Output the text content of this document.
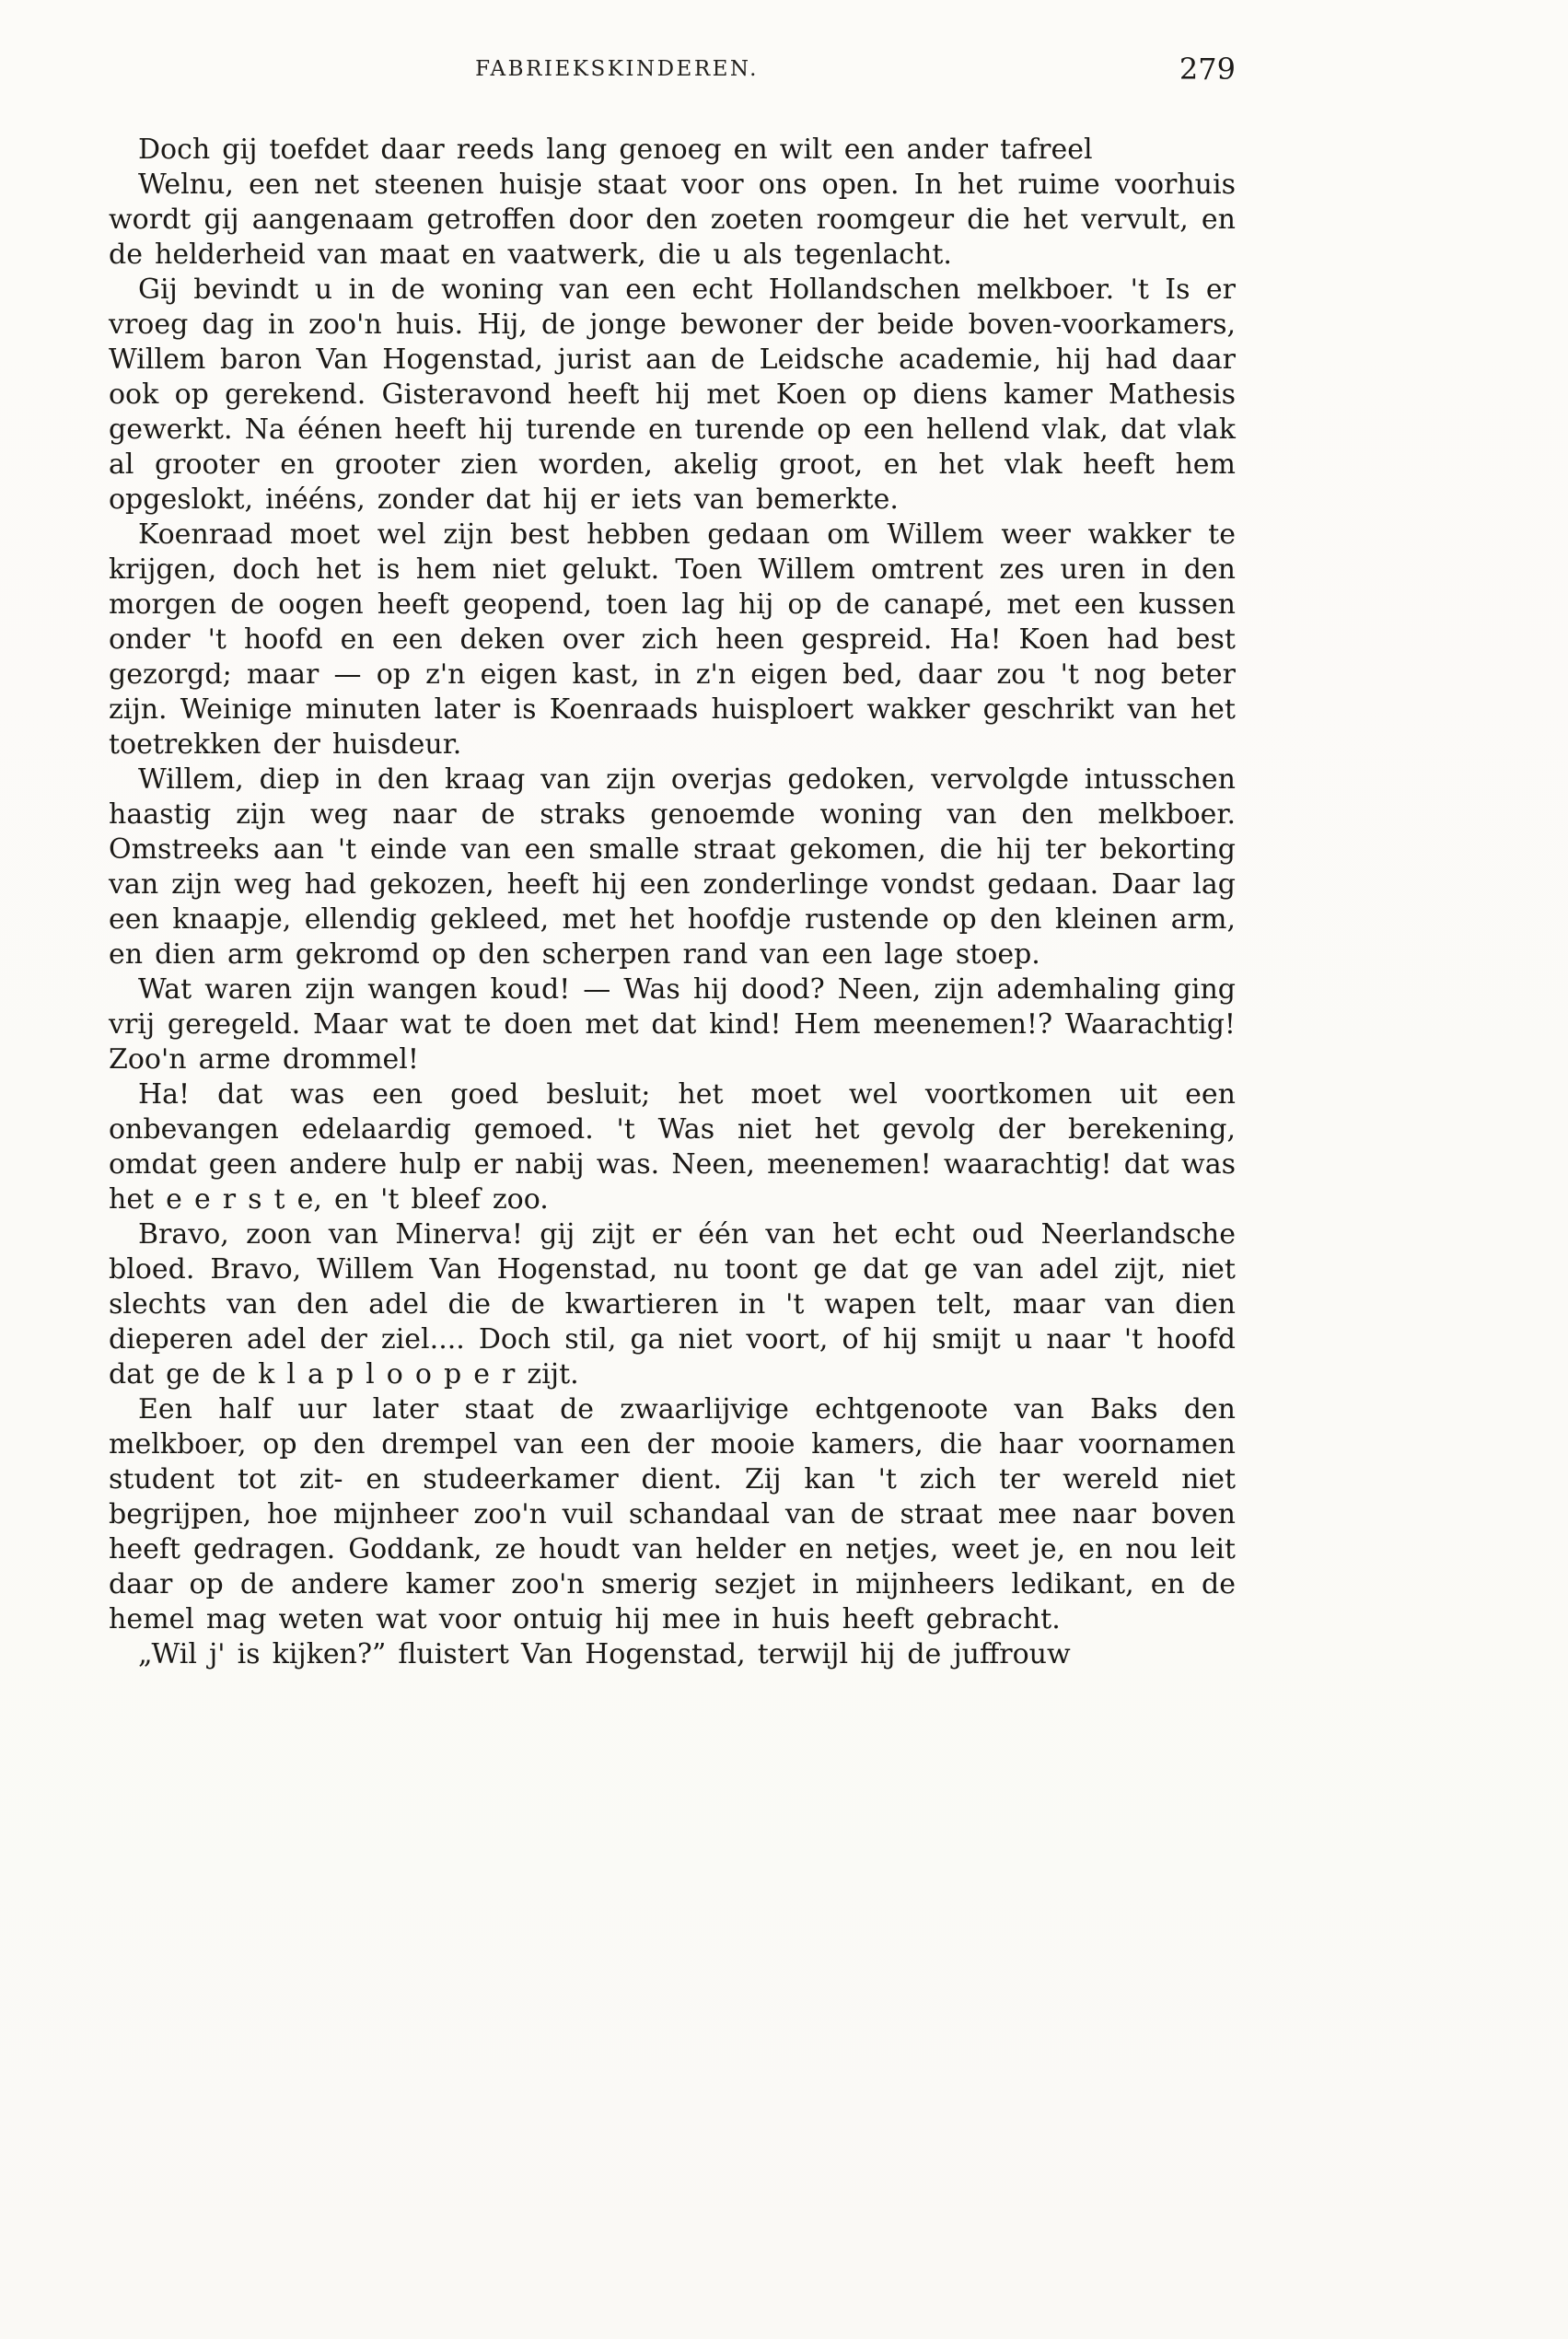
FABRIEKSKINDEREN.	279

Doch gij toefdet daar reeds lang genoeg en wilt een ander tafreel

Welnu, een net steenen huisje staat voor ons open. In het ruime voorhuis wordt gij aangenaam getroffen door den zoeten roomgeur die het vervult, en de helderheid van maat en vaatwerk, die u als tegenlacht.

Gij bevindt u in de woning van een echt Hollandschen melkboer. 't Is er vroeg dag in zoo'n huis. Hij, de jonge bewoner der beide boven-voorkamers, Willem baron Van Hogenstad, jurist aan de Leidsche academie, hij had daar ook op gerekend. Gisteravond heeft hij met Koen op diens kamer Mathesis gewerkt. Na éénen heeft hij turende en turende op een hellend vlak, dat vlak al grooter en grooter zien worden, akelig groot, en het vlak heeft hem opgeslokt, inééns, zonder dat hij er iets van bemerkte.

Koenraad moet wel zijn best hebben gedaan om Willem weer wakker te krijgen, doch het is hem niet gelukt. Toen Willem omtrent zes uren in den morgen de oogen heeft geopend, toen lag hij op de canapé, met een kussen onder 't hoofd en een deken over zich heen gespreid. Ha! Koen had best gezorgd; maar — op z'n eigen kast, in z'n eigen bed, daar zou 't nog beter zijn. Weinige minuten later is Koenraads huisploert wakker geschrikt van het toetrekken der huisdeur.

Willem, diep in den kraag van zijn overjas gedoken, vervolgde intusschen haastig zijn weg naar de straks genoemde woning van den melkboer. Omstreeks aan 't einde van een smalle straat gekomen, die hij ter bekorting van zijn weg had gekozen, heeft hij een zonderlinge vondst gedaan. Daar lag een knaapje, ellendig gekleed, met het hoofdje rustende op den kleinen arm, en dien arm gekromd op den scherpen rand van een lage stoep.

Wat waren zijn wangen koud! — Was hij dood? Neen, zijn ademhaling ging vrij geregeld. Maar wat te doen met dat kind! Hem meenemen!? Waarachtig! Zoo'n arme drommel!

Ha! dat was een goed besluit; het moet wel voortkomen uit een onbevangen edelaardig gemoed. 't Was niet het gevolg der berekening, omdat geen andere hulp er nabij was. Neen, meenemen! waarachtig! dat was het e e r s t e, en 't bleef zoo.

Bravo, zoon van Minerva! gij zijt er één van het echt oud Neerlandsche bloed. Bravo, Willem Van Hogenstad, nu toont ge dat ge van adel zijt, niet slechts van den adel die de kwartieren in 't wapen telt, maar van dien dieperen adel der ziel.... Doch stil, ga niet voort, of hij smijt u naar 't hoofd dat ge de k l a p l o o p e r zijt.

Een half uur later staat de zwaarlijvige echtgenoote van Baks den melkboer, op den drempel van een der mooie kamers, die haar voornamen student tot zit- en studeerkamer dient. Zij kan 't zich ter wereld niet begrijpen, hoe mijnheer zoo'n vuil schandaal van de straat mee naar boven heeft gedragen. Goddank, ze houdt van helder en netjes, weet je, en nou leit daar op de andere kamer zoo'n smerig sezjet in mijnheers ledikant, en de hemel mag weten wat voor ontuig hij mee in huis heeft gebracht.

„Wil j' is kijken?” fluistert Van Hogenstad, terwijl hij de juffrouw
